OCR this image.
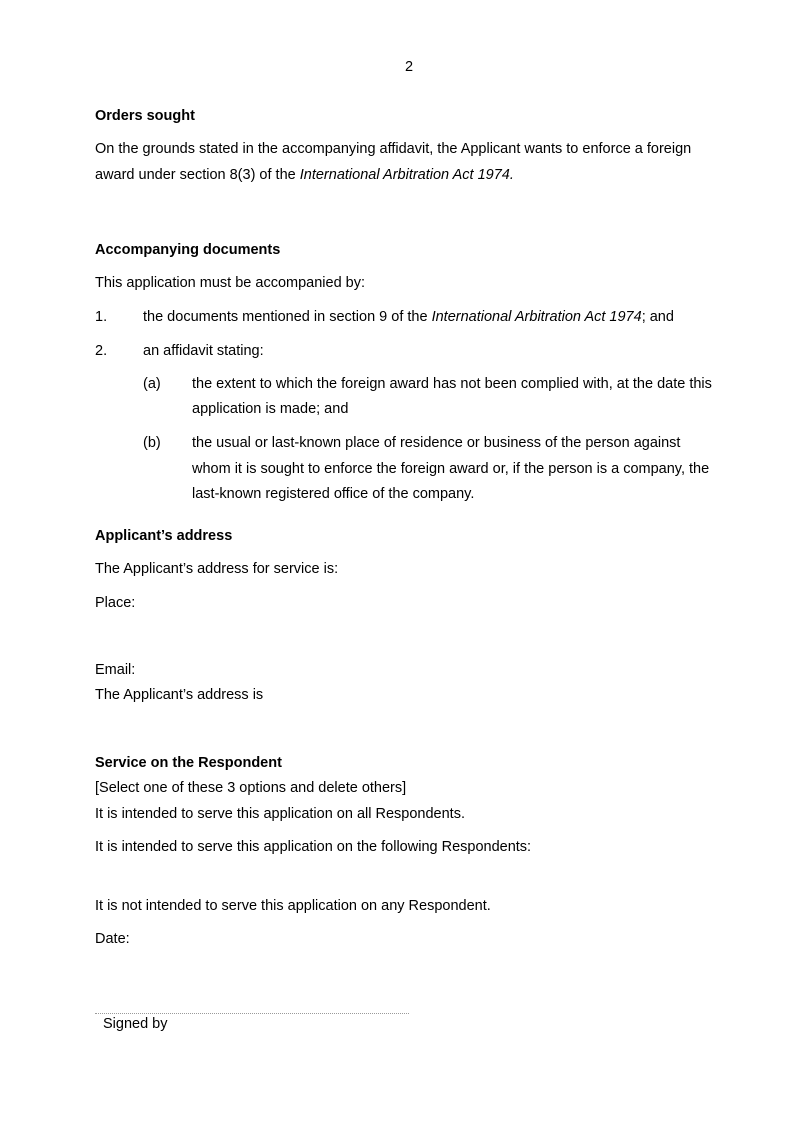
2
Orders sought
On the grounds stated in the accompanying affidavit, the Applicant wants to enforce a foreign
award under section 8(3) of the International Arbitration Act 1974.
Accompanying documents
This application must be accompanied by:
1. the documents mentioned in section 9 of the International Arbitration Act 1974; and
2. an affidavit stating:
(a) the extent to which the foreign award has not been complied with, at the date this
application is made; and
(b) the usual or last-known place of residence or business of the person against
whom it is sought to enforce the foreign award or, if the person is a company, the
last-known registered office of the company.
Applicant’s address
The Applicant’s address for service is:
Place:
Email:
The Applicant’s address is
Service on the Respondent
[Select one of these 3 options and delete others]
It is intended to serve this application on all Respondents.
It is intended to serve this application on the following Respondents:
It is not intended to serve this application on any Respondent.
Date:
Signed by
